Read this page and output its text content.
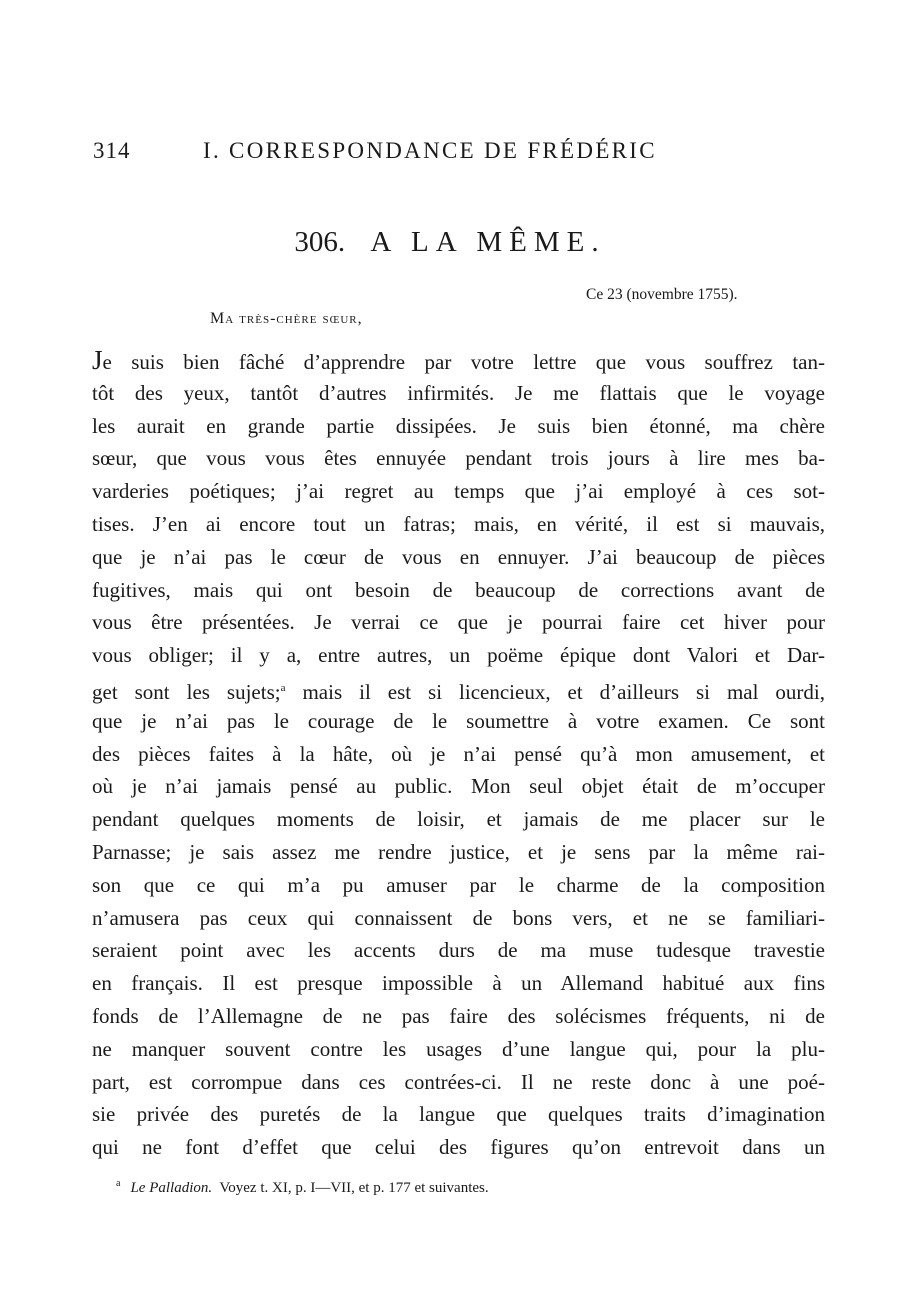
314	I. CORRESPONDANCE DE FRÉDÉRIC
306. A LA MÊME.
Ce 23 (novembre 1755).
Ma très-chère sœur,
Je suis bien fâché d’apprendre par votre lettre que vous souffrez tan-
tôt des yeux, tantôt d’autres infirmités. Je me flattais que le voyage
les aurait en grande partie dissipées. Je suis bien étonné, ma chère
sœur, que vous vous êtes ennuyée pendant trois jours à lire mes ba-
varderies poétiques; j’ai regret au temps que j’ai employé à ces sot-
tises. J’en ai encore tout un fatras; mais, en vérité, il est si mauvais,
que je n’ai pas le cœur de vous en ennuyer. J’ai beaucoup de pièces
fugitives, mais qui ont besoin de beaucoup de corrections avant de
vous être présentées. Je verrai ce que je pourrai faire cet hiver pour
vous obliger; il y a, entre autres, un poëme épique dont Valori et Dar-
get sont les sujets;$^a$ mais il est si licencieux, et d’ailleurs si mal ourdi,
que je n’ai pas le courage de le soumettre à votre examen. Ce sont
des pièces faites à la hâte, où je n’ai pensé qu’à mon amusement, et
où je n’ai jamais pensé au public. Mon seul objet était de m’occuper
pendant quelques moments de loisir, et jamais de me placer sur le
Parnasse; je sais assez me rendre justice, et je sens par la même rai-
son que ce qui m’a pu amuser par le charme de la composition
n’amusera pas ceux qui connaissent de bons vers, et ne se familiari-
seraient point avec les accents durs de ma muse tudesque travestie
en français. Il est presque impossible à un Allemand habitué aux fins
fonds de l’Allemagne de ne pas faire des solécismes fréquents, ni de
ne manquer souvent contre les usages d’une langue qui, pour la plu-
part, est corrompue dans ces contrées-ci. Il ne reste donc à une poé-
sie privée des puretés de la langue que quelques traits d’imagination
qui ne font d’effet que celui des figures qu’on entrevoit dans un
$^a$ Le Palladion. Voyez t. XI, p. I—VII, et p. 177 et suivantes.
